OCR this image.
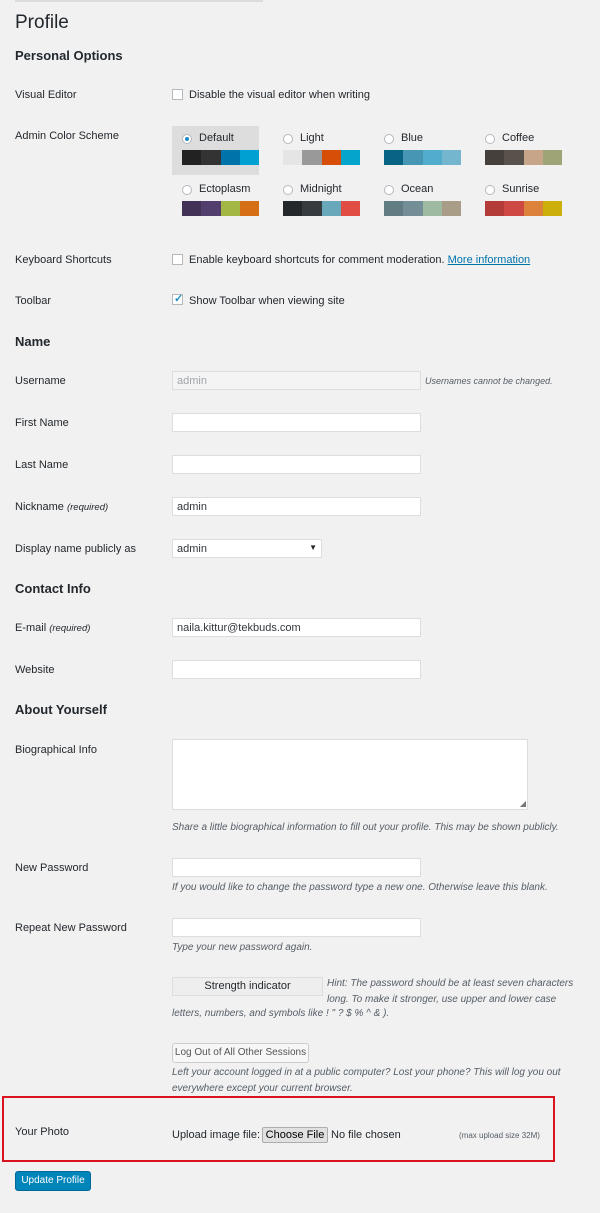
Profile
Personal Options
Visual Editor	Disable the visual editor when writing
Admin Color Scheme	Default	Light	Blue	Coffee
Ectoplasm	Midnight	Ocean	Sunrise
Keyboard Shortcuts	Enable keyboard shortcuts for comment moderation. More information
Toolbar
✓	Show Toolbar when viewing site
Name
Username	admin	Usernames cannot be changed.
First Name
Last Name
Nickname (required)	admin
Display name publicly as	admin	▼
Contact Info
E-mail (required)	naila.kittur@tekbuds.com
Website
About Yourself
Biographical Info
◢
Share a little biographical information to fill out your profile. This may be shown publicly.
New Password
If you would like to change the password type a new one. Otherwise leave this blank.
Repeat New Password
Type your new password again.
Strength indicator	Hint: The password should be at least seven characters
long. To make it stronger, use upper and lower case
letters, numbers, and symbols like ! " ? $ % ^ & ).
Log Out of All Other Sessions
Left your account logged in at a public computer? Lost your phone? This will log you out
everywhere except your current browser.
Your Photo	Upload image file: Choose File No file chosen	(max upload size 32M)
Update Profile
